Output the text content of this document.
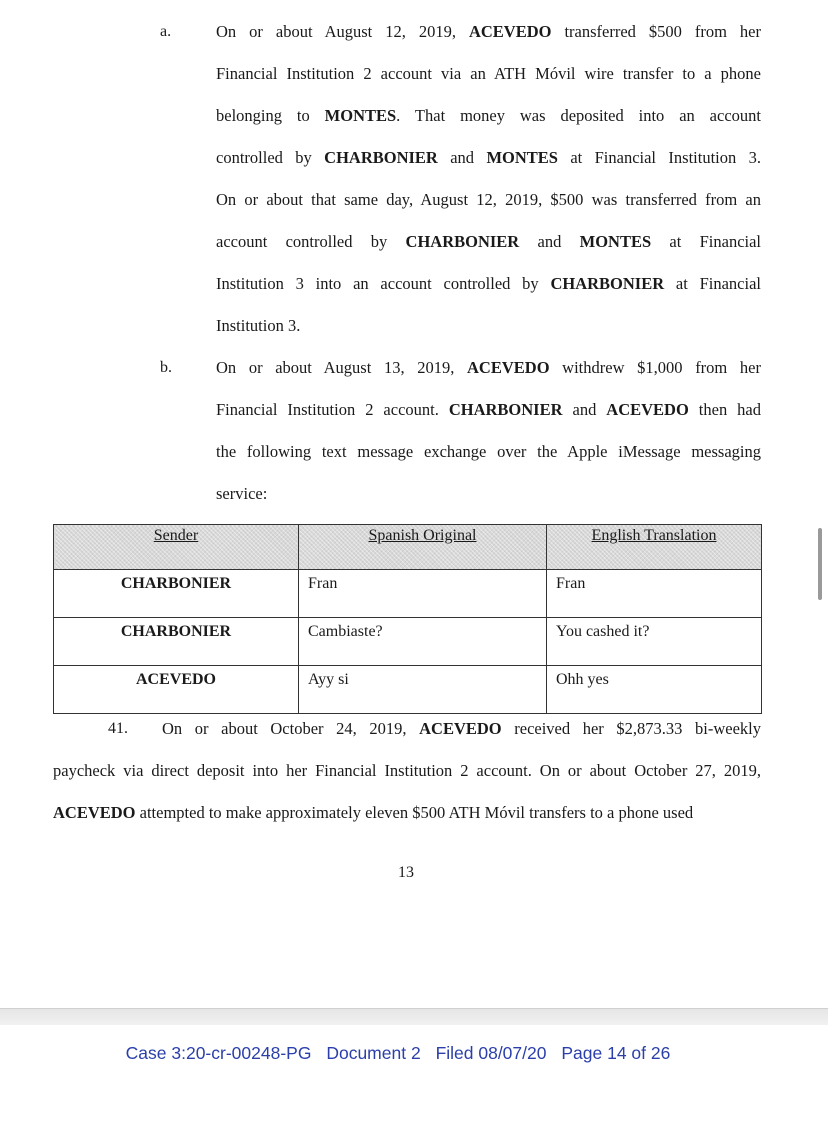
a.	On or about August 12, 2019, ACEVEDO transferred $500 from her
Financial Institution 2 account via an ATH Móvil wire transfer to a phone
belonging to MONTES. That money was deposited into an account
controlled by CHARBONIER and MONTES at Financial Institution 3.
On or about that same day, August 12, 2019, $500 was transferred from an
account controlled by CHARBONIER and MONTES at Financial
Institution 3 into an account controlled by CHARBONIER at Financial
Institution 3.
b.	On or about August 13, 2019, ACEVEDO withdrew $1,000 from her
Financial Institution 2 account. CHARBONIER and ACEVEDO then had
the following text message exchange over the Apple iMessage messaging
service:
Sender	Spanish Original	English Translation
CHARBONIER	Fran	Fran
CHARBONIER	Cambiaste?	You cashed it?
ACEVEDO	Ayy si	Ohh yes
41.	On or about October 24, 2019, ACEVEDO received her $2,873.33 bi-weekly
paycheck via direct deposit into her Financial Institution 2 account. On or about October 27, 2019,
ACEVEDO attempted to make approximately eleven $500 ATH Móvil transfers to a phone used
13
Case 3:20-cr-00248-PG Document 2 Filed 08/07/20 Page 14 of 26
